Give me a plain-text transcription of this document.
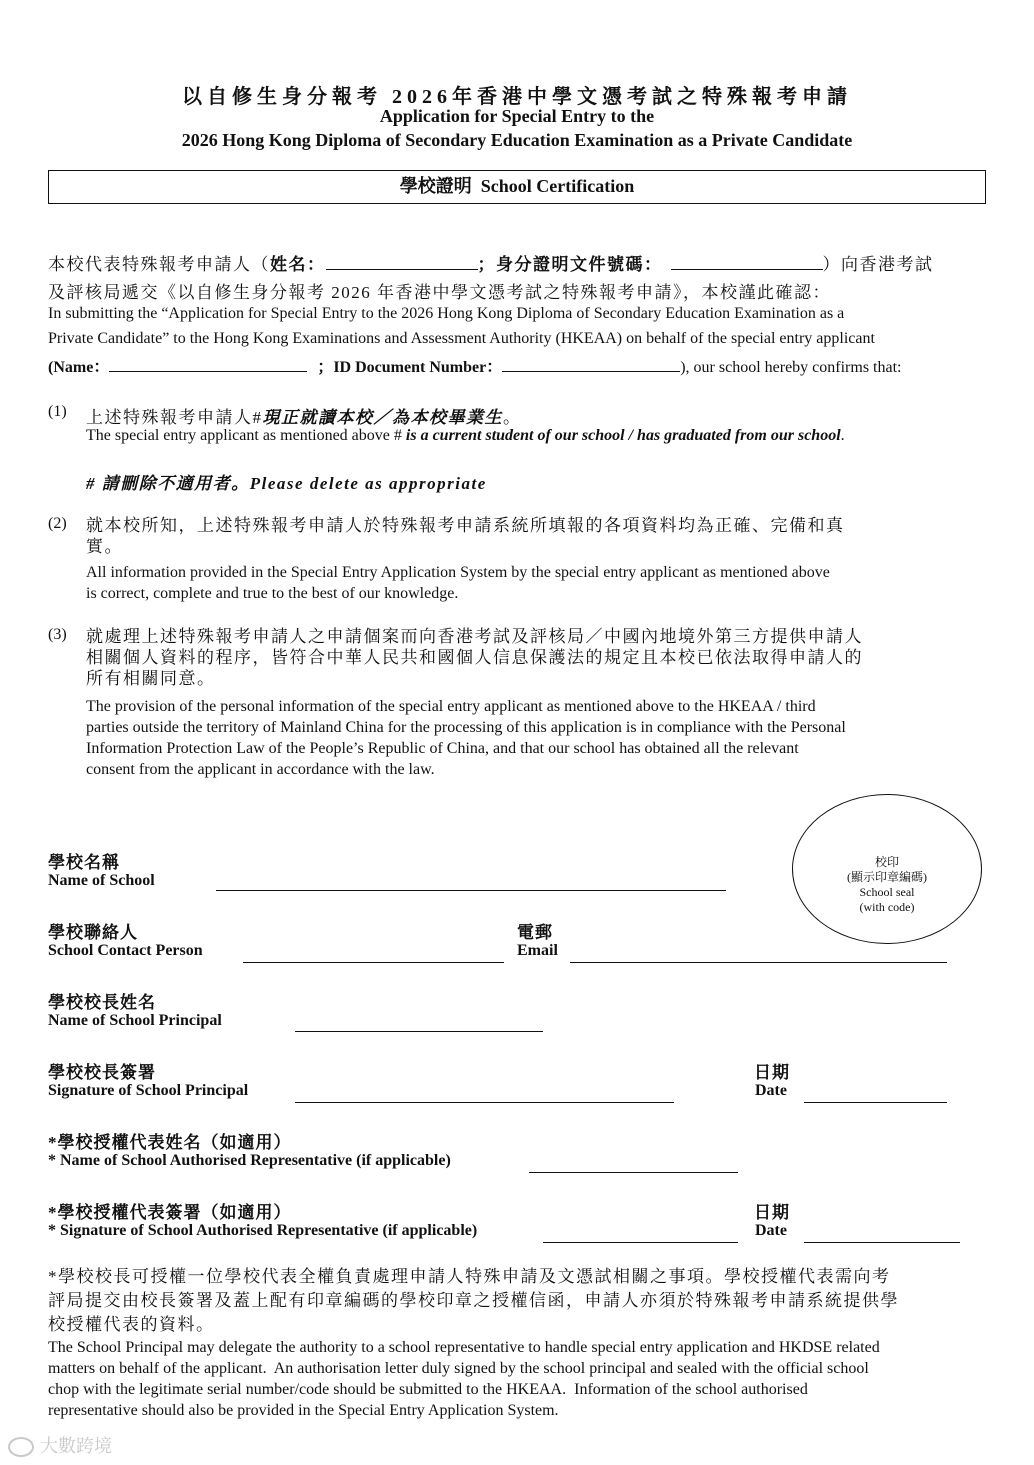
以自修生身分報考 2026年香港中學文憑考試之特殊報考申請
Application for Special Entry to the
2026 Hong Kong Diploma of Secondary Education Examination as a Private Candidate
學校證明  School Certification
本校代表特殊報考申請人（姓名：	；身分證明文件號碼：	）向香港考試
及評核局遞交《以自修生身分報考 2026 年香港中學文憑考試之特殊報考申請》，本校謹此確認：
In submitting the “Application for Special Entry to the 2026 Hong Kong Diploma of Secondary Education Examination as a
Private Candidate” to the Hong Kong Examinations and Assessment Authority (HKEAA) on behalf of the special entry applicant
(Name：	；ID Document Number：	), our school hereby confirms that:
(1) 上述特殊報考申請人#現正就讀本校／為本校畢業生。
The special entry applicant as mentioned above # is a current student of our school / has graduated from our school.
# 請刪除不適用者。Please delete as appropriate
(2) 就本校所知，上述特殊報考申請人於特殊報考申請系統所填報的各項資料均為正確、完備和真
實。
All information provided in the Special Entry Application System by the special entry applicant as mentioned above
is correct, complete and true to the best of our knowledge.
(3) 就處理上述特殊報考申請人之申請個案而向香港考試及評核局／中國內地境外第三方提供申請人
相關個人資料的程序，皆符合中華人民共和國個人信息保護法的規定且本校已依法取得申請人的
所有相關同意。
The provision of the personal information of the special entry applicant as mentioned above to the HKEAA / third
parties outside the territory of Mainland China for the processing of this application is in compliance with the Personal
Information Protection Law of the People’s Republic of China, and that our school has obtained all the relevant
consent from the applicant in accordance with the law.
校印
(顯示印章編碼)
School seal
(with code)
學校名稱
Name of School
學校聯絡人
School Contact Person
電郵
Email
學校校長姓名
Name of School Principal
學校校長簽署
Signature of School Principal
日期
Date
*學校授權代表姓名（如適用）
* Name of School Authorised Representative (if applicable)
*學校授權代表簽署（如適用）
* Signature of School Authorised Representative (if applicable)
日期
Date
*學校校長可授權一位學校代表全權負責處理申請人特殊申請及文憑試相關之事項。學校授權代表需向考
評局提交由校長簽署及蓋上配有印章編碼的學校印章之授權信函，申請人亦須於特殊報考申請系統提供學
校授權代表的資料。
The School Principal may delegate the authority to a school representative to handle special entry application and HKDSE related
matters on behalf of the applicant.  An authorisation letter duly signed by the school principal and sealed with the official school
chop with the legitimate serial number/code should be submitted to the HKEAA.  Information of the school authorised
representative should also be provided in the Special Entry Application System.
大數跨境
